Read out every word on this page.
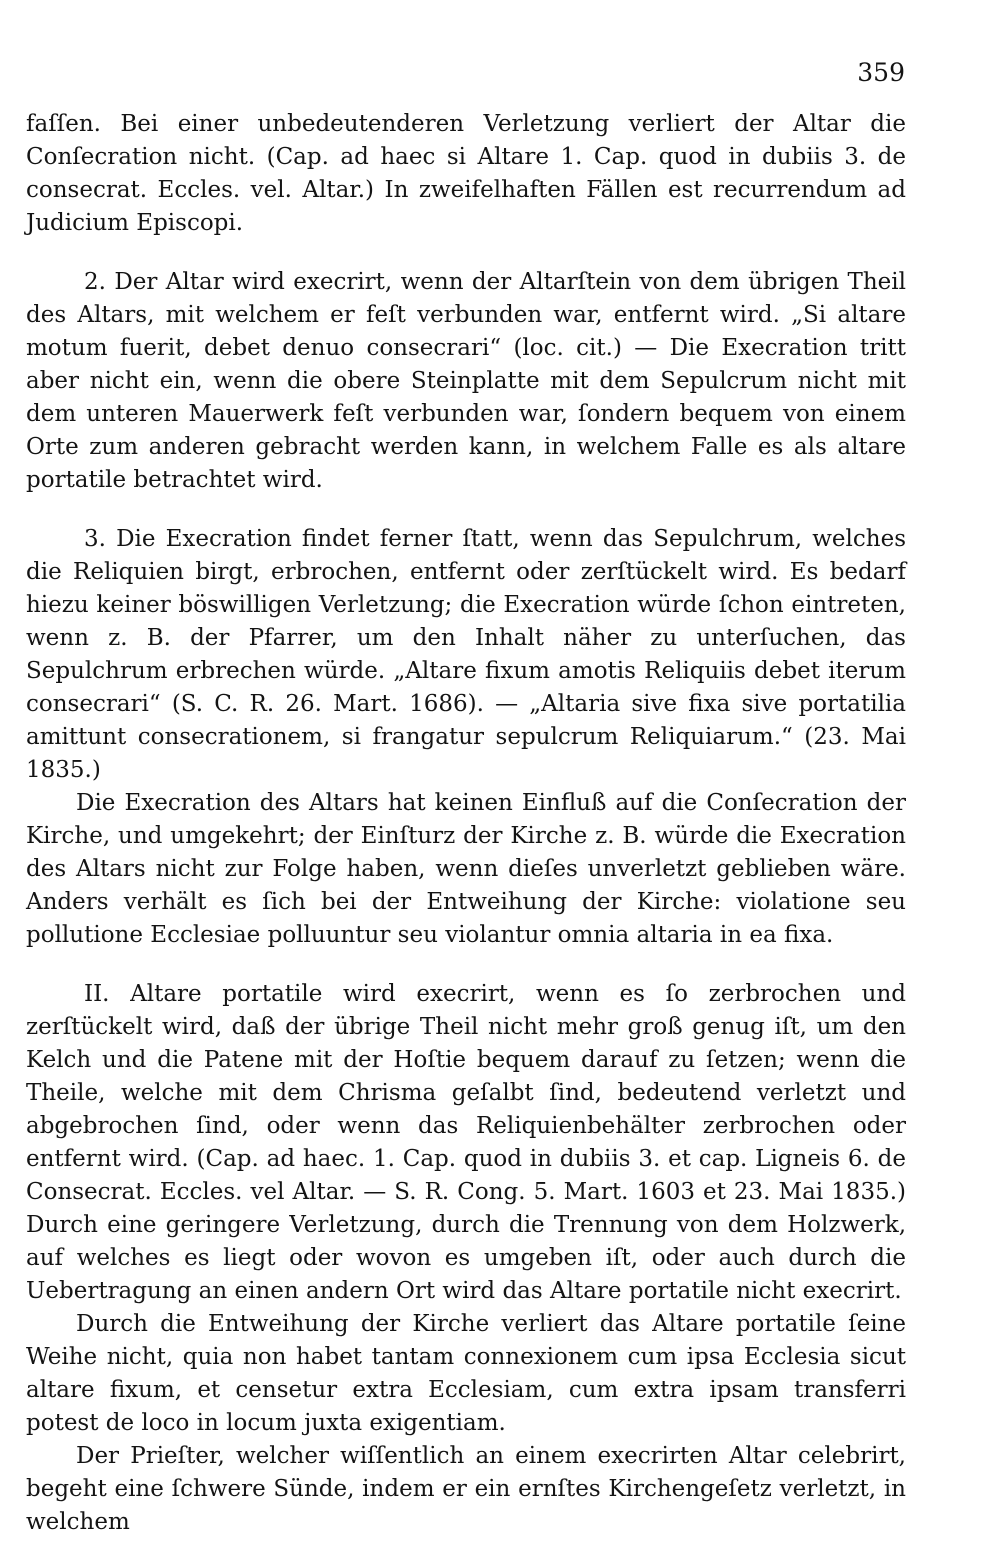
359

faſſen. Bei einer unbedeutenderen Verletzung verliert der Altar die Conſecration nicht. (Cap. ad haec si Altare 1. Cap. quod in dubiis 3. de consecrat. Eccles. vel. Altar.) In zweifelhaften Fällen est recurrendum ad Judicium Episcopi.

2. Der Altar wird execrirt, wenn der Altarſtein von dem übrigen Theil des Altars, mit welchem er feſt verbunden war, entfernt wird. „Si altare motum fuerit, debet denuo consecrari“ (loc. cit.) — Die Execration tritt aber nicht ein, wenn die obere Steinplatte mit dem Sepulcrum nicht mit dem unteren Mauerwerk feſt verbunden war, ſondern bequem von einem Orte zum anderen gebracht werden kann, in welchem Falle es als altare portatile betrachtet wird.

3. Die Execration findet ferner ſtatt, wenn das Sepulchrum, welches die Reliquien birgt, erbrochen, entfernt oder zerſtückelt wird. Es bedarf hiezu keiner böswilligen Verletzung; die Execration würde ſchon eintreten, wenn z. B. der Pfarrer, um den Inhalt näher zu unterſuchen, das Sepulchrum erbrechen würde. „Altare fixum amotis Reliquiis debet iterum consecrari“ (S. C. R. 26. Mart. 1686). — „Altaria sive fixa sive portatilia amittunt consecrationem, si frangatur sepulcrum Reliquiarum.“ (23. Mai 1835.)

Die Execration des Altars hat keinen Einfluß auf die Conſecration der Kirche, und umgekehrt; der Einſturz der Kirche z. B. würde die Execration des Altars nicht zur Folge haben, wenn dieſes unverletzt geblieben wäre. Anders verhält es ſich bei der Entweihung der Kirche: violatione seu pollutione Ecclesiae polluuntur seu violantur omnia altaria in ea fixa.

II. Altare portatile wird execrirt, wenn es ſo zerbrochen und zerſtückelt wird, daß der übrige Theil nicht mehr groß genug iſt, um den Kelch und die Patene mit der Hoſtie bequem darauf zu ſetzen; wenn die Theile, welche mit dem Chrisma geſalbt ſind, bedeutend verletzt und abgebrochen ſind, oder wenn das Reliquienbehälter zerbrochen oder entfernt wird. (Cap. ad haec. 1. Cap. quod in dubiis 3. et cap. Ligneis 6. de Consecrat. Eccles. vel Altar. — S. R. Cong. 5. Mart. 1603 et 23. Mai 1835.) Durch eine geringere Verletzung, durch die Trennung von dem Holzwerk, auf welches es liegt oder wovon es umgeben iſt, oder auch durch die Uebertragung an einen andern Ort wird das Altare portatile nicht execrirt.

Durch die Entweihung der Kirche verliert das Altare portatile ſeine Weihe nicht, quia non habet tantam connexionem cum ipsa Ecclesia sicut altare fixum, et censetur extra Ecclesiam, cum extra ipsam transferri potest de loco in locum juxta exigentiam.

Der Prieſter, welcher wiſſentlich an einem execrirten Altar celebrirt, begeht eine ſchwere Sünde, indem er ein ernſtes Kirchengeſetz verletzt, in welchem
